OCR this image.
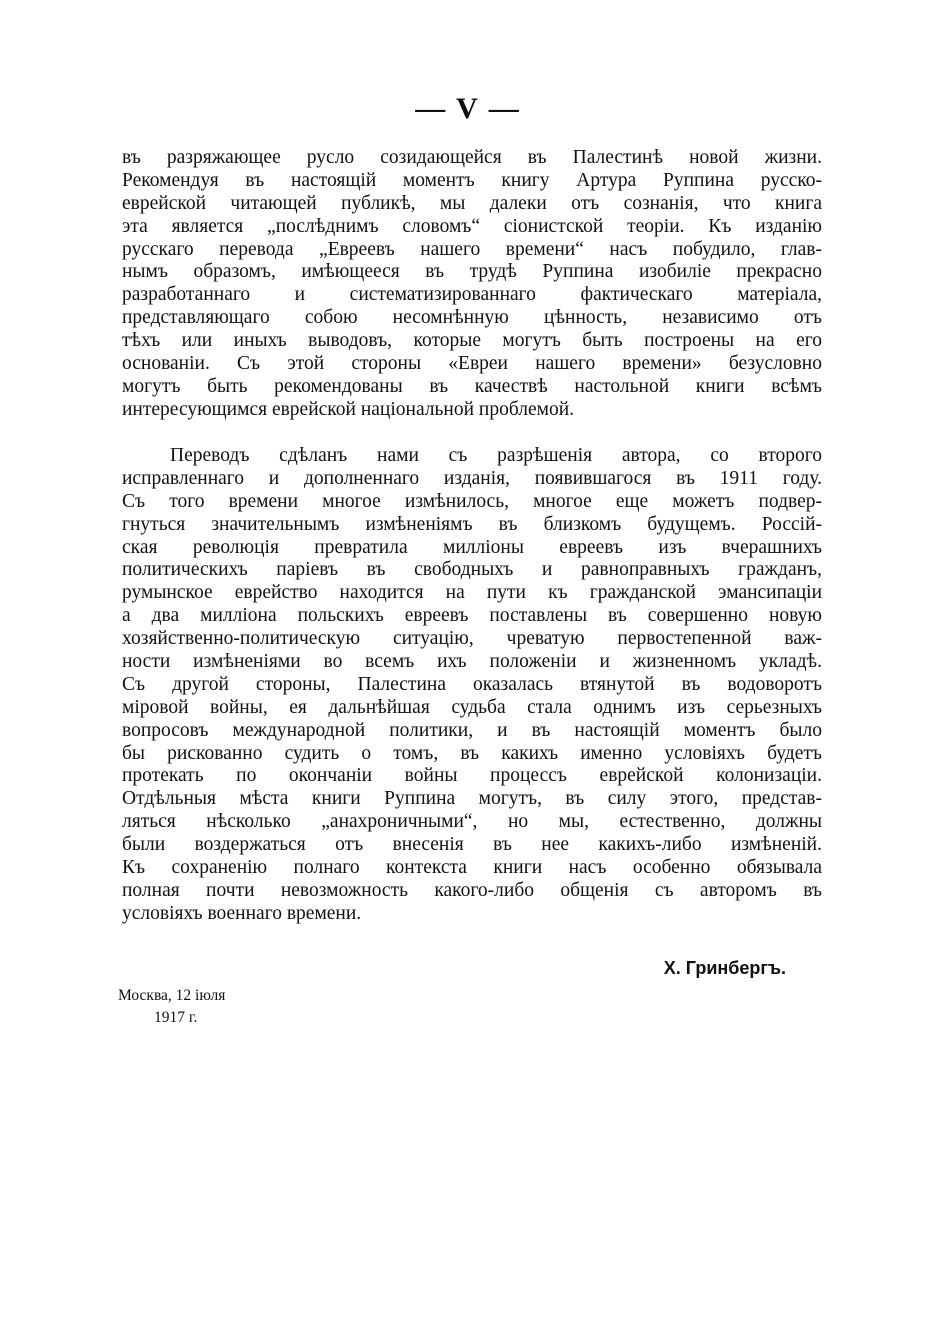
— V —
въ разряжающее русло созидающейся въ Палестинѣ новой жизни.
Рекомендуя въ настоящій моментъ книгу Артура Руппина русско-
еврейской читающей публикѣ, мы далеки отъ сознанія, что книга
эта является „послѣднимъ словомъ“ сіонистской теоріи. Къ изданію
русскаго перевода „Евреевъ нашего времени“ насъ побудило, глав-
нымъ образомъ, имѣющееся въ трудѣ Руппина изобиліе прекрасно
разработаннаго и систематизированнаго фактическаго матеріала,
представляющаго собою несомнѣнную цѣнность, независимо отъ
тѣхъ или иныхъ выводовъ, которые могутъ быть построены на его
основаніи. Съ этой стороны «Евреи нашего времени» безусловно
могутъ быть рекомендованы въ качествѣ настольной книги всѣмъ
интересующимся еврейской національной проблемой.
Переводъ сдѣланъ нами съ разрѣшенія автора, со второго
исправленнаго и дополненнаго изданія, появившагося въ 1911 году.
Съ того времени многое измѣнилось, многое еще можетъ подвер-
гнуться значительнымъ измѣненіямъ въ близкомъ будущемъ. Россій-
ская революція превратила милліоны евреевъ изъ вчерашнихъ
политическихъ паріевъ въ свободныхъ и равноправныхъ гражданъ,
румынское еврейство находится на пути къ гражданской эмансипаціи
а два милліона польскихъ евреевъ поставлены въ совершенно новую
хозяйственно-политическую ситуацію, чреватую первостепенной важ-
ности измѣненіями во всемъ ихъ положеніи и жизненномъ укладѣ.
Съ другой стороны, Палестина оказалась втянутой въ водоворотъ
міровой войны, ея дальнѣйшая судьба стала однимъ изъ серьезныхъ
вопросовъ международной политики, и въ настоящій моментъ было
бы рискованно судить о томъ, въ какихъ именно условіяхъ будетъ
протекать по окончаніи войны процессъ еврейской колонизаціи.
Отдѣльныя мѣста книги Руппина могутъ, въ силу этого, представ-
ляться нѣсколько „анахроничными“, но мы, естественно, должны
были воздержаться отъ внесенія въ нее какихъ-либо измѣненій.
Къ сохраненію полнаго контекста книги насъ особенно обязывала
полная почти невозможность какого-либо общенія съ авторомъ въ
условіяхъ военнаго времени.
Х. Гринбергъ.
Москва, 12 іюля
1917 г.
